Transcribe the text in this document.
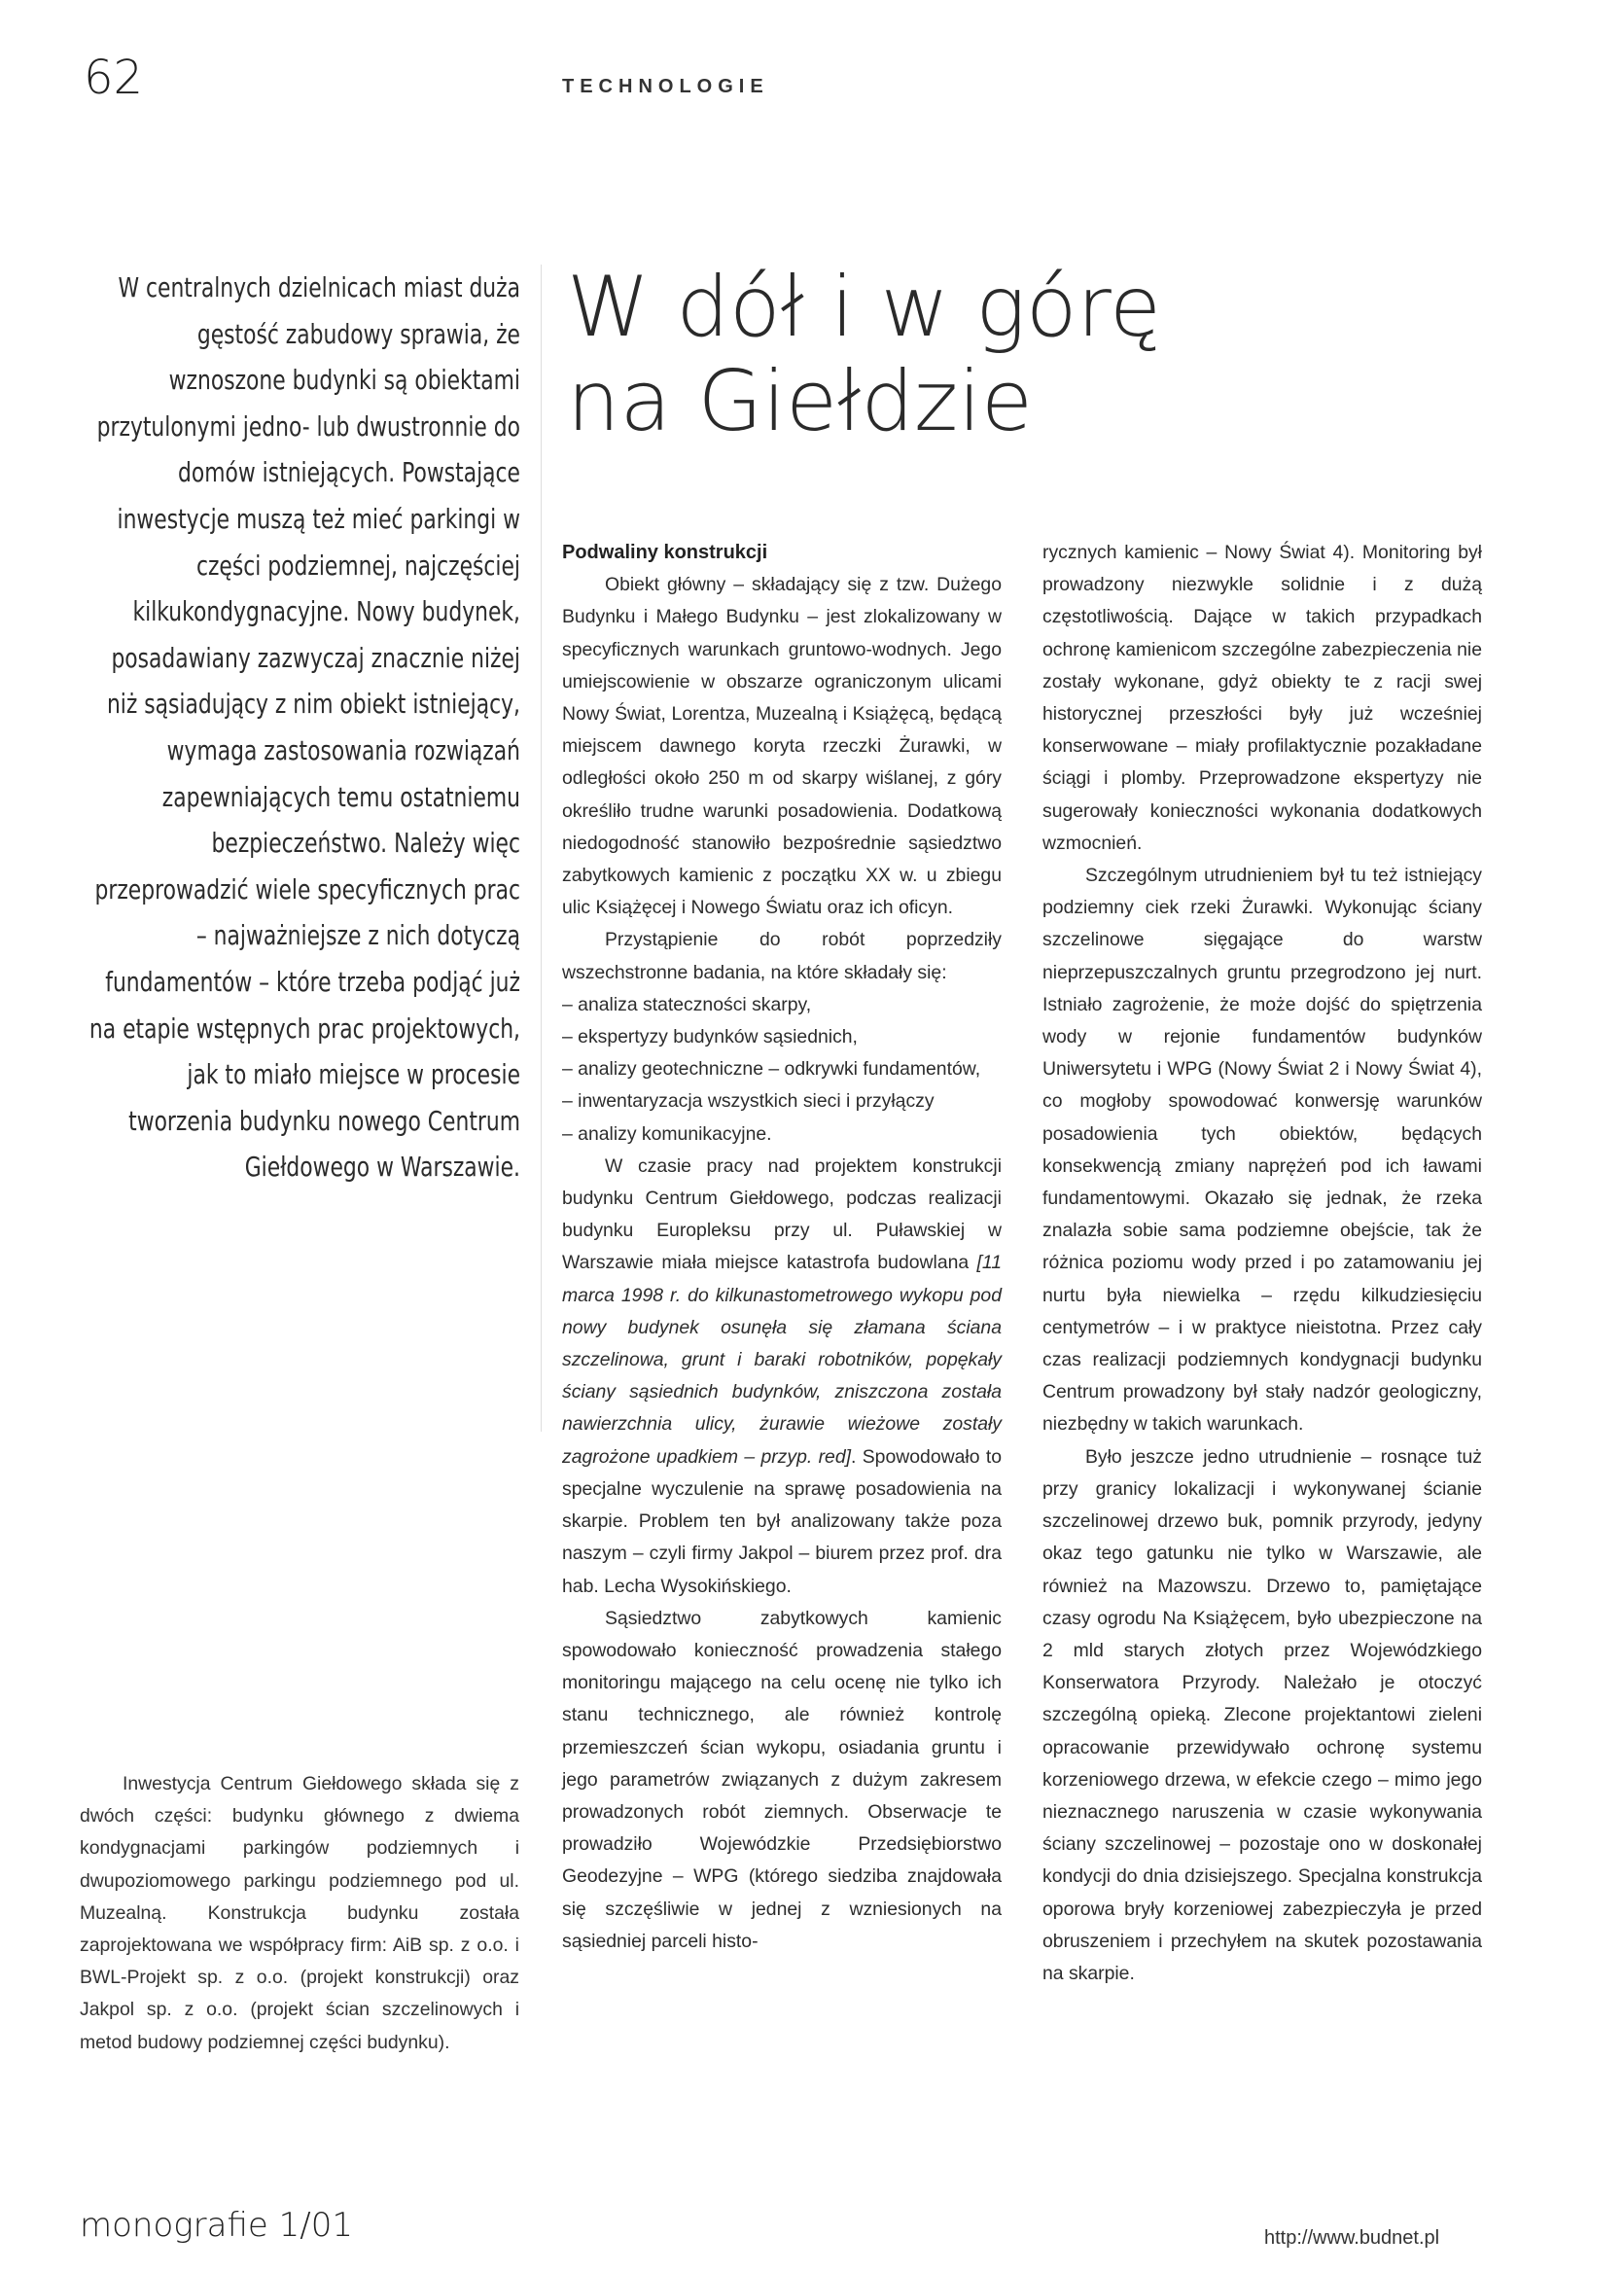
62	TECHNOLOGIE

W centralnych dzielnicach miast duża gęstość zabudowy sprawia, że wznoszone budynki są obiektami przytulonymi jedno- lub dwustronnie do domów istniejących. Powstające inwestycje muszą też mieć parkingi w części podziemnej, najczęściej kilkukondygnacyjne. Nowy budynek, posadawiany zazwyczaj znacznie niżej niż sąsiadujący z nim obiekt istniejący, wymaga zastosowania rozwiązań zapewniających temu ostatniemu bezpieczeństwo. Należy więc przeprowadzić wiele specyficznych prac – najważniejsze z nich dotyczą fundamentów – które trzeba podjąć już na etapie wstępnych prac projektowych, jak to miało miejsce w procesie tworzenia budynku nowego Centrum Giełdowego w Warszawie.

W dół i w górę
na Giełdzie
Podwaliny konstrukcji

Obiekt główny – składający się z tzw. Dużego Budynku i Małego Budynku – jest zlokalizowany w specyficznych warunkach gruntowo-wodnych. Jego umiejscowienie w obszarze ograniczonym ulicami Nowy Świat, Lorentza, Muzealną i Książęcą, będącą miejscem dawnego koryta rzeczki Żurawki, w odległości około 250 m od skarpy wiślanej, z góry określiło trudne warunki posadowienia. Dodatkową niedogodność stanowiło bezpośrednie sąsiedztwo zabytkowych kamienic z początku XX w. u zbiegu ulic Książęcej i Nowego Światu oraz ich oficyn.

Przystąpienie do robót poprzedziły wszechstronne badania, na które składały się:

– analiza stateczności skarpy,
– ekspertyzy budynków sąsiednich,
– analizy geotechniczne – odkrywki fundamentów,
– inwentaryzacja wszystkich sieci i przyłączy
– analizy komunikacyjne.

W czasie pracy nad projektem konstrukcji budynku Centrum Giełdowego, podczas realizacji budynku Europleksu przy ul. Puławskiej w Warszawie miała miejsce katastrofa budowlana [11 marca 1998 r. do kilkunastometrowego wykopu pod nowy budynek osunęła się złamana ściana szczelinowa, grunt i baraki robotników, popękały ściany sąsiednich budynków, zniszczona została nawierzchnia ulicy, żurawie wieżowe zostały zagrożone upadkiem – przyp. red]. Spowodowało to specjalne wyczulenie na sprawę posadowienia na skarpie. Problem ten był analizowany także poza naszym – czyli firmy Jakpol – biurem przez prof. dra hab. Lecha Wysokińskiego.

Sąsiedztwo zabytkowych kamienic spowodowało konieczność prowadzenia stałego monitoringu mającego na celu ocenę nie tylko ich stanu technicznego, ale również kontrolę przemieszczeń ścian wykopu, osiadania gruntu i jego parametrów związanych z dużym zakresem prowadzonych robót ziemnych. Obserwacje te prowadziło Wojewódzkie Przedsiębiorstwo Geodezyjne – WPG (którego siedziba znajdowała się szczęśliwie w jednej z wzniesionych na sąsiedniej parceli histo-

rycznych kamienic – Nowy Świat 4). Monitoring był prowadzony niezwykle solidnie i z dużą częstotliwością. Dające w takich przypadkach ochronę kamienicom szczególne zabezpieczenia nie zostały wykonane, gdyż obiekty te z racji swej historycznej przeszłości były już wcześniej konserwowane – miały profilaktycznie pozakładane ściągi i plomby. Przeprowadzone ekspertyzy nie sugerowały konieczności wykonania dodatkowych wzmocnień.

Szczególnym utrudnieniem był tu też istniejący podziemny ciek rzeki Żurawki. Wykonując ściany szczelinowe sięgające do warstw nieprzepuszczalnych gruntu przegrodzono jej nurt. Istniało zagrożenie, że może dojść do spiętrzenia wody w rejonie fundamentów budynków Uniwersytetu i WPG (Nowy Świat 2 i Nowy Świat 4), co mogłoby spowodować konwersję warunków posadowienia tych obiektów, będących konsekwencją zmiany naprężeń pod ich ławami fundamentowymi. Okazało się jednak, że rzeka znalazła sobie sama podziemne obejście, tak że różnica poziomu wody przed i po zatamowaniu jej nurtu była niewielka – rzędu kilkudziesięciu centymetrów – i w praktyce nieistotna. Przez cały czas realizacji podziemnych kondygnacji budynku Centrum prowadzony był stały nadzór geologiczny, niezbędny w takich warunkach.

Było jeszcze jedno utrudnienie – rosnące tuż przy granicy lokalizacji i wykonywanej ścianie szczelinowej drzewo buk, pomnik przyrody, jedyny okaz tego gatunku nie tylko w Warszawie, ale również na Mazowszu. Drzewo to, pamiętające czasy ogrodu Na Książęcem, było ubezpieczone na 2 mld starych złotych przez Wojewódzkiego Konserwatora Przyrody. Należało je otoczyć szczególną opieką. Zlecone projektantowi zieleni opracowanie przewidywało ochronę systemu korzeniowego drzewa, w efekcie czego – mimo jego nieznacznego naruszenia w czasie wykonywania ściany szczelinowej – pozostaje ono w doskonałej kondycji do dnia dzisiejszego. Specjalna konstrukcja oporowa bryły korzeniowej zabezpieczyła je przed obruszeniem i przechyłem na skutek pozostawania na skarpie.

Inwestycja Centrum Giełdowego składa się z dwóch części: budynku głównego z dwiema kondygnacjami parkingów podziemnych i dwupoziomowego parkingu podziemnego pod ul. Muzealną. Konstrukcja budynku została zaprojektowana we współpracy firm: AiB sp. z o.o. i BWL-Projekt sp. z o.o. (projekt konstrukcji) oraz Jakpol sp. z o.o. (projekt ścian szczelinowych i metod budowy podziemnej części budynku).

monografie 1/01	http://www.budnet.pl
